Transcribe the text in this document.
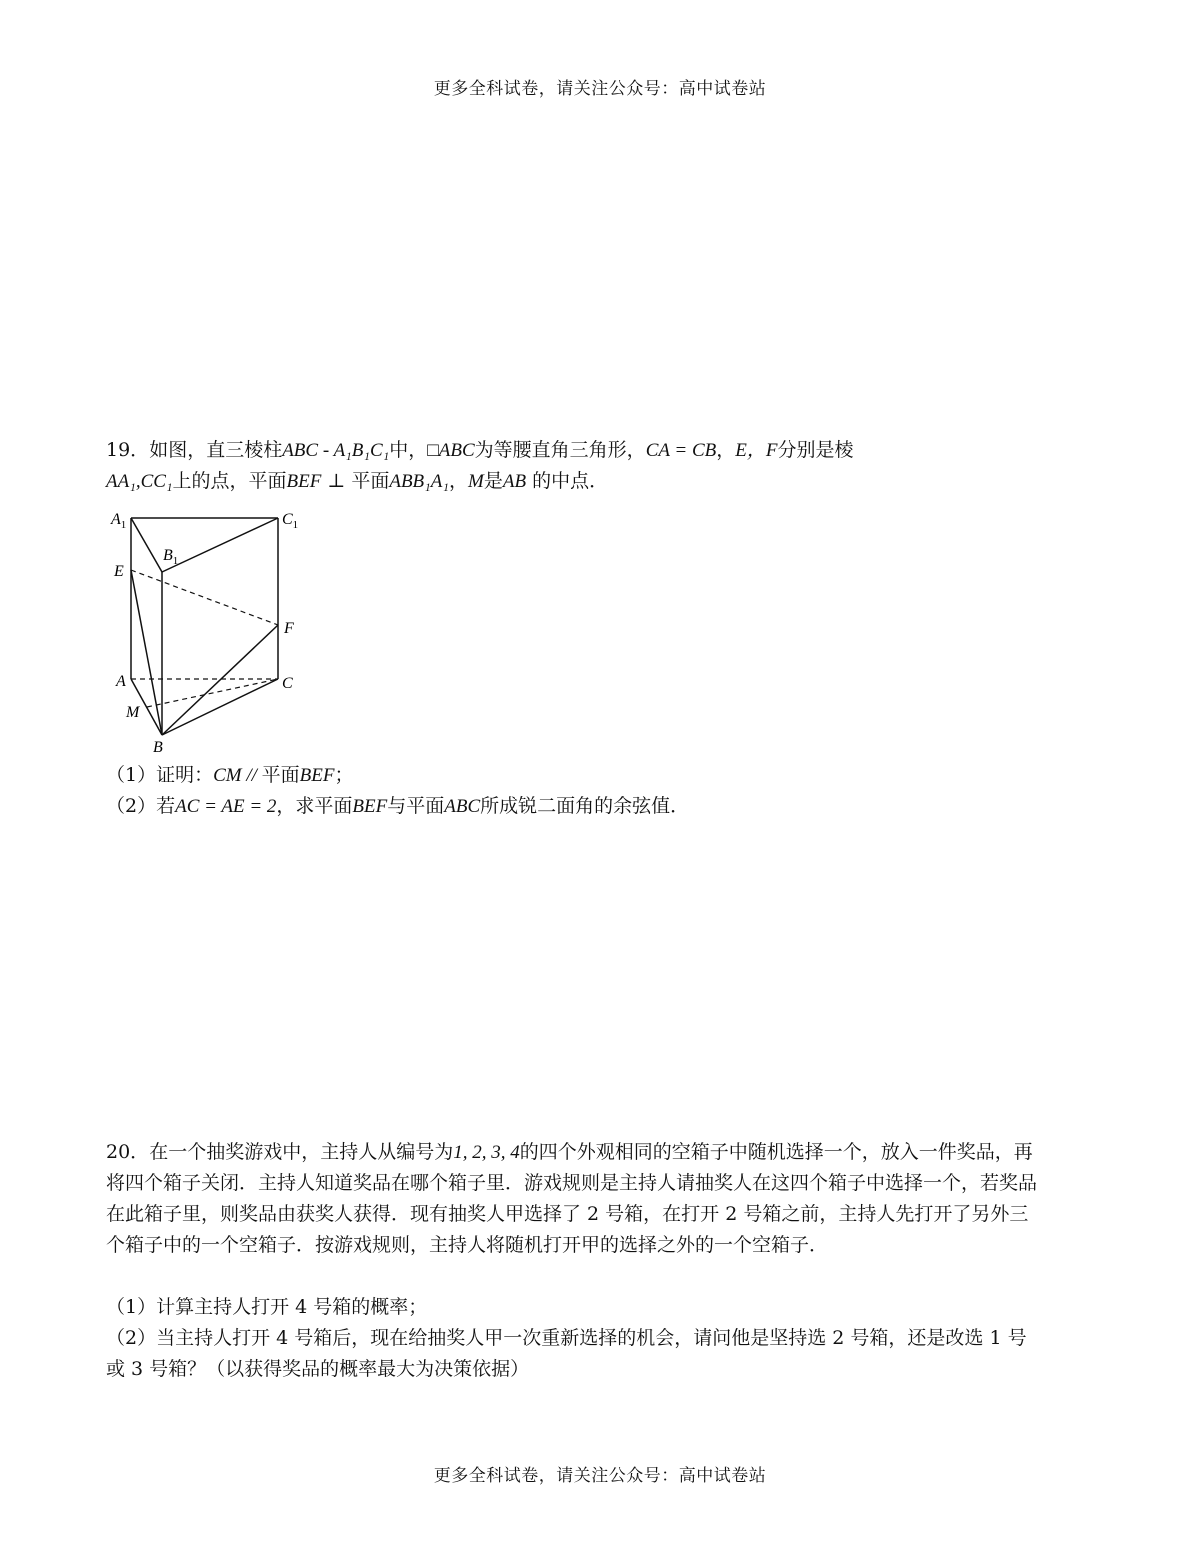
更多全科试卷，请关注公众号：高中试卷站
19．如图，直三棱柱ABC - A₁B₁C₁中，□ABC为等腰直角三角形，CA = CB，E，F分别是棱
AA₁,CC₁上的点，平面BEF ⊥ 平面ABB₁A₁，M是AB 的中点．
$A_1$	$C_1$
$B_1$
E
F
A	C
M
B
（1）证明：CM // 平面BEF；
（2）若AC = AE = 2，求平面BEF与平面ABC所成锐二面角的余弦值．
20．在一个抽奖游戏中，主持人从编号为1, 2, 3, 4的四个外观相同的空箱子中随机选择一个，放入一件奖品，再将四个箱子关闭．主持人知道奖品在哪个箱子里．游戏规则是主持人请抽奖人在这四个箱子中选择一个，若奖品在此箱子里，则奖品由获奖人获得．现有抽奖人甲选择了 2 号箱，在打开 2 号箱之前，主持人先打开了另外三个箱子中的一个空箱子．按游戏规则，主持人将随机打开甲的选择之外的一个空箱子．
（1）计算主持人打开 4 号箱的概率；
（2）当主持人打开 4 号箱后，现在给抽奖人甲一次重新选择的机会，请问他是坚持选 2 号箱，还是改选 1 号或 3 号箱？（以获得奖品的概率最大为决策依据）
更多全科试卷，请关注公众号：高中试卷站
